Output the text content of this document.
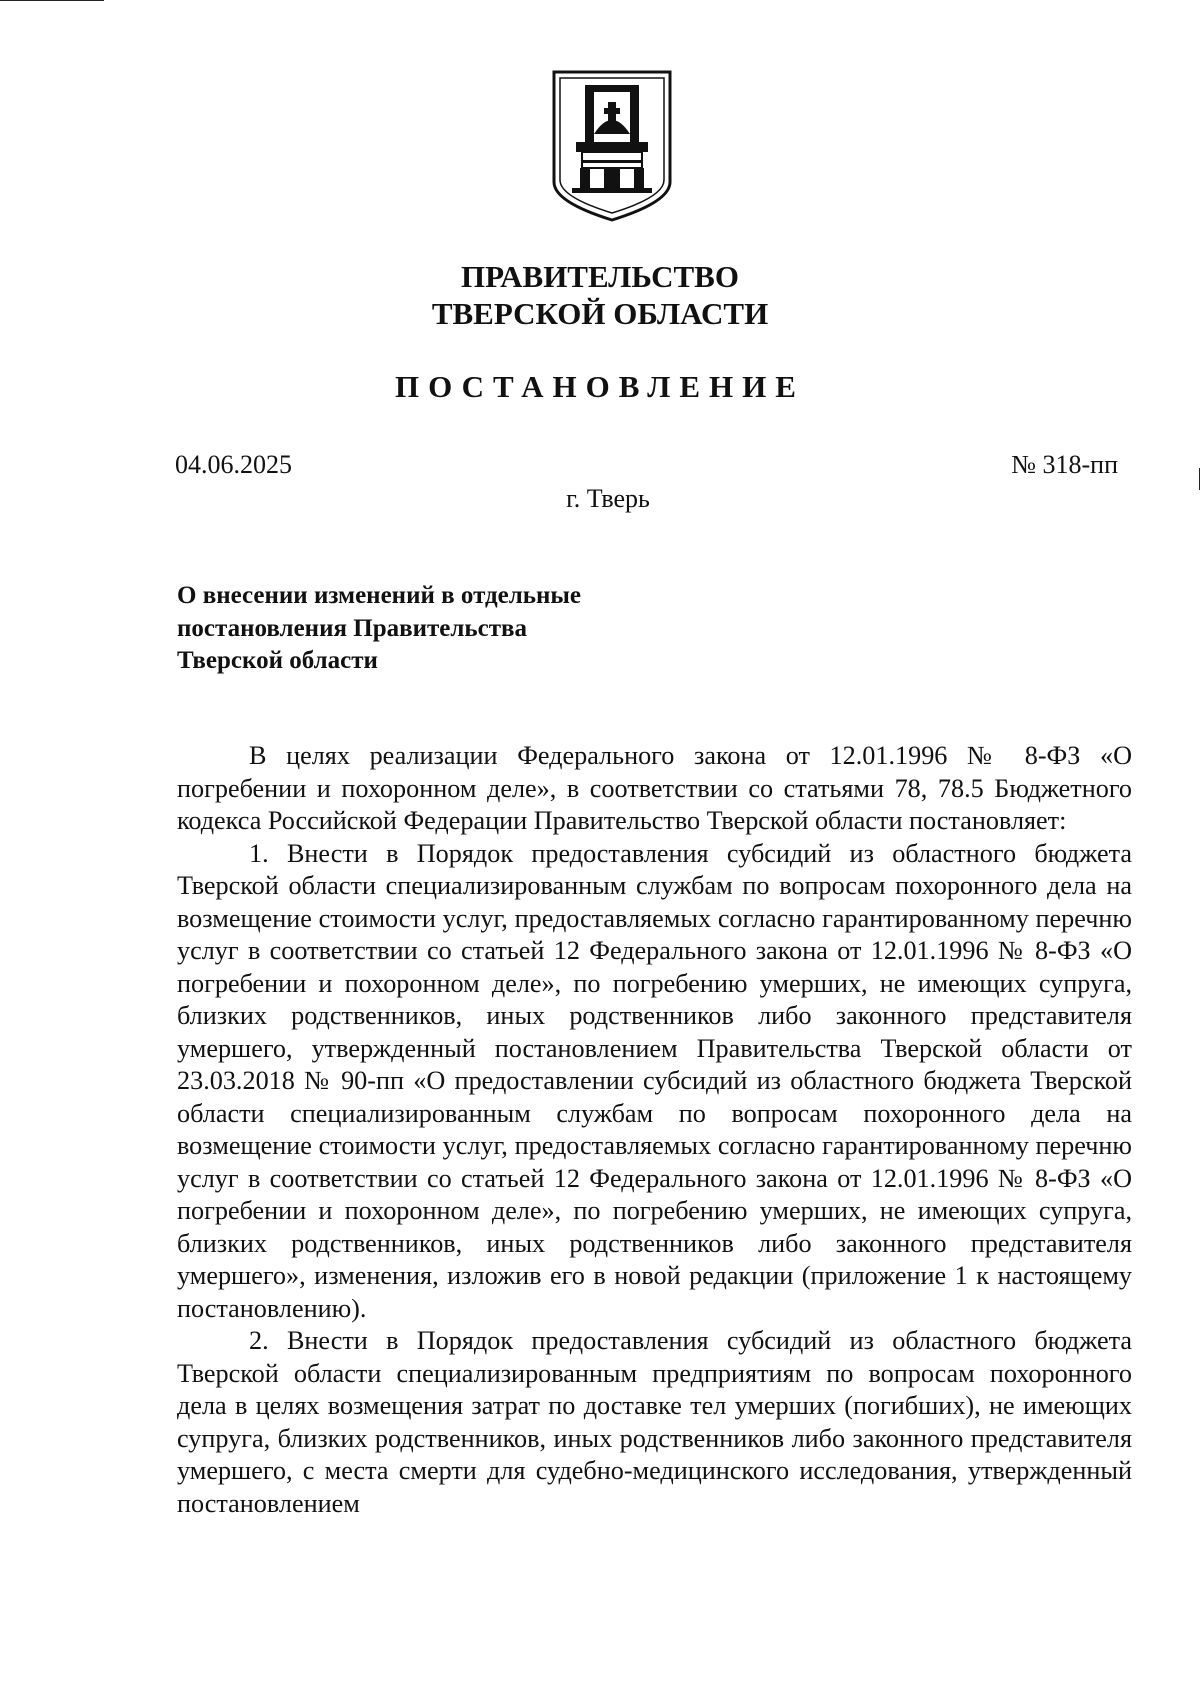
ПРАВИТЕЛЬСТВО
ТВЕРСКОЙ ОБЛАСТИ
ПОСТАНОВЛЕНИЕ
04.06.2025	№ 318-пп
г. Тверь
О внесении изменений в отдельные
постановления Правительства
Тверской области

В целях реализации Федерального закона от 12.01.1996 № 8-ФЗ «О погребении и похоронном деле», в соответствии со статьями 78, 78.5 Бюджетного кодекса Российской Федерации Правительство Тверской области постановляет:

1. Внести в Порядок предоставления субсидий из областного бюджета Тверской области специализированным службам по вопросам похоронного дела на возмещение стоимости услуг, предоставляемых согласно гарантированному перечню услуг в соответствии со статьей 12 Федерального закона от 12.01.1996 № 8-ФЗ «О погребении и похоронном деле», по погребению умерших, не имеющих супруга, близких родственников, иных родственников либо законного представителя умершего, утвержденный постановлением Правительства Тверской области от 23.03.2018 № 90-пп «О предоставлении субсидий из областного бюджета Тверской области специализированным службам по вопросам похоронного дела на возмещение стоимости услуг, предоставляемых согласно гарантированному перечню услуг в соответствии со статьей 12 Федерального закона от 12.01.1996 № 8-ФЗ «О погребении и похоронном деле», по погребению умерших, не имеющих супруга, близких родственников, иных родственников либо законного представителя умершего», изменения, изложив его в новой редакции (приложение 1 к настоящему постановлению).

2. Внести в Порядок предоставления субсидий из областного бюджета Тверской области специализированным предприятиям по вопросам похоронного дела в целях возмещения затрат по доставке тел умерших (погибших), не имеющих супруга, близких родственников, иных родственников либо законного представителя умершего, с места смерти для судебно-медицинского исследования, утвержденный постановлением
